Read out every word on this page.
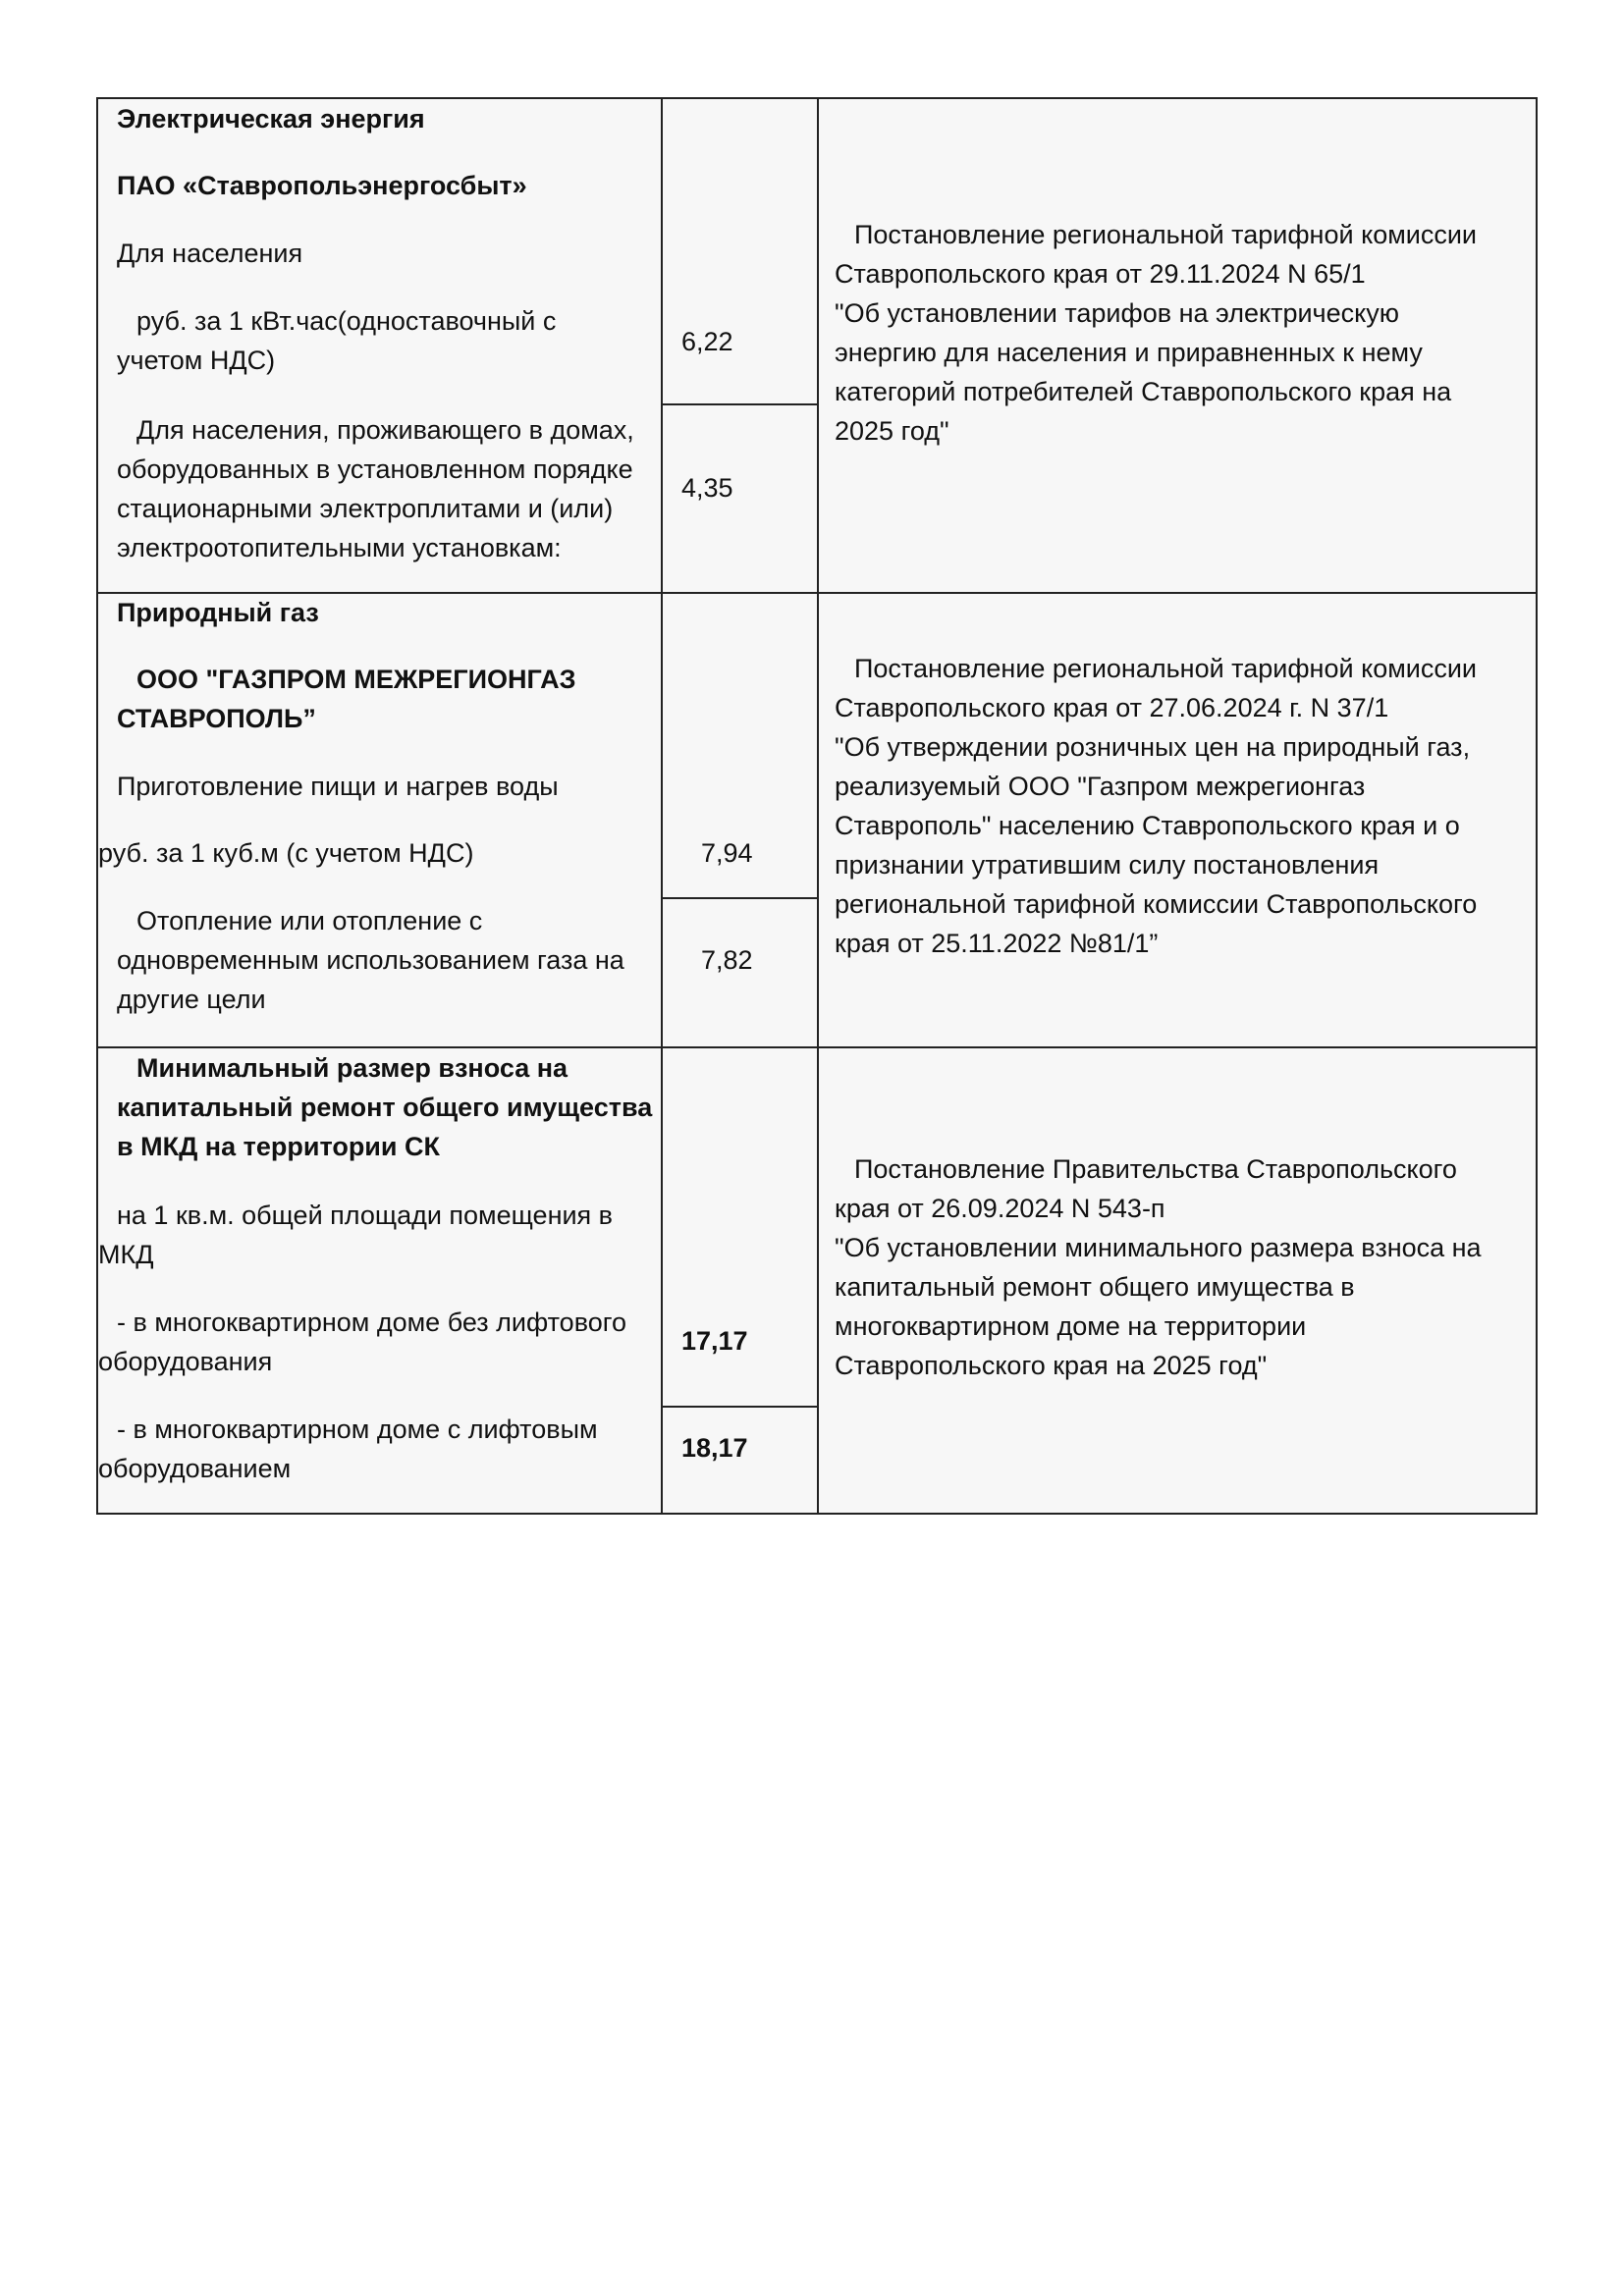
Электрическая энергия
ПАО «Ставропольэнергосбыт»
Для населения
руб. за 1 кВт.час(одноставочный с
учетом НДС)
6,22
Для населения, проживающего в домах,
оборудованных в установленном порядке
стационарными электроплитами и (или)
электроотопительными установкам:
4,35
Постановление региональной тарифной комиссии
Ставропольского края от 29.11.2024 N 65/1
"Об установлении тарифов на электрическую
энергию для населения и приравненных к нему
категорий потребителей Ставропольского края на
2025 год"
Природный газ
ООО "ГАЗПРОМ МЕЖРЕГИОНГАЗ
СТАВРОПОЛЬ”
Приготовление пищи и нагрев воды
руб. за 1 куб.м (с учетом НДС)	7,94
Отопление или отопление с
одновременным использованием газа на
другие цели
7,82
Постановление региональной тарифной комиссии
Ставропольского края от 27.06.2024 г. N 37/1
"Об утверждении розничных цен на природный газ,
реализуемый ООО "Газпром межрегионгаз
Ставрополь" населению Ставропольского края и о
признании утратившим силу постановления
региональной тарифной комиссии Ставропольского
края от 25.11.2022 №81/1”
Минимальный размер взноса на
капитальный ремонт общего имущества
в МКД на территории СК
на 1 кв.м. общей площади помещения в
МКД
- в многоквартирном доме без лифтового
оборудования
17,17
- в многоквартирном доме с лифтовым
оборудованием
18,17
Постановление Правительства Ставропольского
края от 26.09.2024 N 543-п
"Об установлении минимального размера взноса на
капитальный ремонт общего имущества в
многоквартирном доме на территории
Ставропольского края на 2025 год"
